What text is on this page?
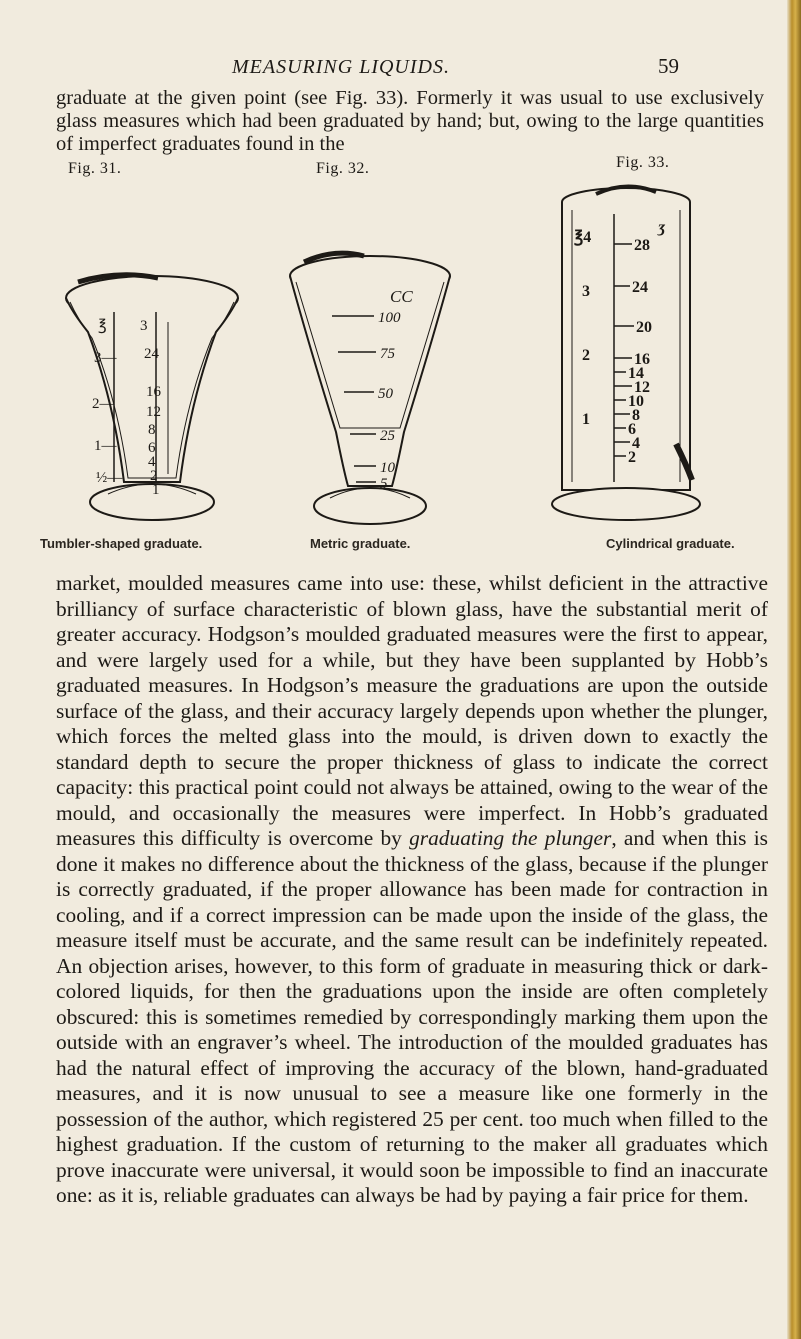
MEASURING LIQUIDS.	59
graduate at the given point (see Fig. 33). Formerly it was usual to use exclusively glass measures which had been graduated by hand; but, owing to the large quantities of imperfect graduates found in the
Fig. 31.
℥
3—
2—
1—
½—
3
24
16
12
8
6
4
2
1
Tumbler-shaped graduate.
Fig. 32.
CC
100
75
50
25
10
5
Metric graduate.
Fig. 33.
℥4
3
2
1
ʒ
28
24
20
16
14
12
10
8
6
4
2
Cylindrical graduate.

market, moulded measures came into use: these, whilst deficient in the attractive brilliancy of surface characteristic of blown glass, have the substantial merit of greater accuracy. Hodgson’s moulded graduated measures were the first to appear, and were largely used for a while, but they have been supplanted by Hobb’s graduated measures. In Hodgson’s measure the graduations are upon the outside surface of the glass, and their accuracy largely depends upon whether the plunger, which forces the melted glass into the mould, is driven down to exactly the standard depth to secure the proper thickness of glass to indicate the correct capacity: this practical point could not always be attained, owing to the wear of the mould, and occasionally the measures were imperfect. In Hobb’s graduated measures this difficulty is overcome by graduating the plunger, and when this is done it makes no difference about the thickness of the glass, because if the plunger is correctly graduated, if the proper allowance has been made for contraction in cooling, and if a correct impression can be made upon the inside of the glass, the measure itself must be accurate, and the same result can be indefinitely repeated. An objection arises, however, to this form of graduate in measuring thick or dark-colored liquids, for then the graduations upon the inside are often completely obscured: this is sometimes remedied by correspondingly marking them upon the outside with an engraver’s wheel. The introduction of the moulded graduates has had the natural effect of improving the accuracy of the blown, hand-graduated measures, and it is now unusual to see a measure like one formerly in the possession of the author, which registered 25 per cent. too much when filled to the highest graduation. If the custom of returning to the maker all graduates which prove inaccurate were universal, it would soon be impossible to find an inaccurate one: as it is, reliable graduates can always be had by paying a fair price for them.
